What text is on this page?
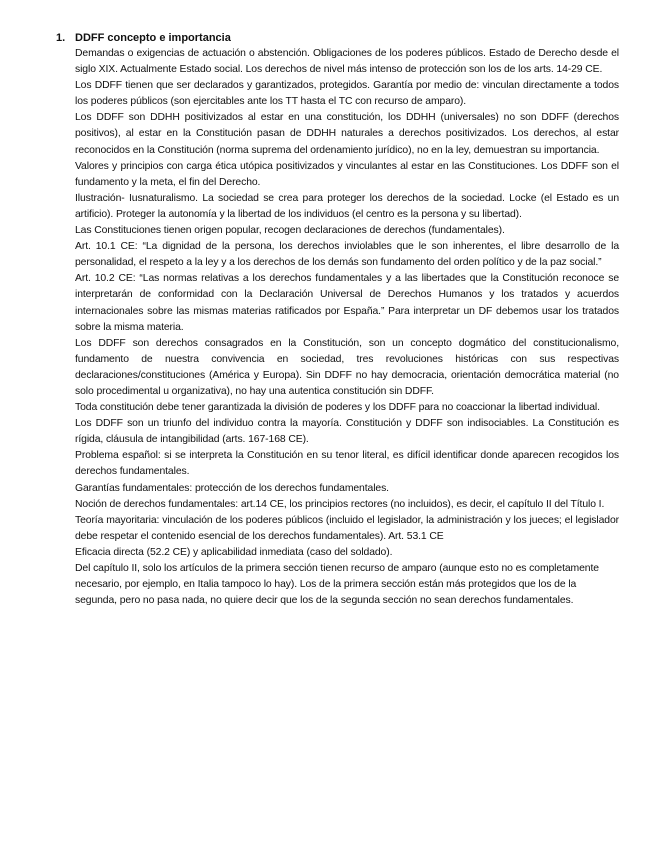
1. DDFF concepto e importancia

Demandas o exigencias de actuación o abstención. Obligaciones de los poderes públicos. Estado de Derecho desde el siglo XIX. Actualmente Estado social. Los derechos de nivel más intenso de protección son los de los arts. 14-29 CE.

Los DDFF tienen que ser declarados y garantizados, protegidos. Garantía por medio de: vinculan directamente a todos los poderes públicos (son ejercitables ante los TT hasta el TC con recurso de amparo).

Los DDFF son DDHH positivizados al estar en una constitución, los DDHH (universales) no son DDFF (derechos positivos), al estar en la Constitución pasan de DDHH naturales a derechos positivizados. Los derechos, al estar reconocidos en la Constitución (norma suprema del ordenamiento jurídico), no en la ley, demuestran su importancia.

Valores y principios con carga ética utópica positivizados y vinculantes al estar en las Constituciones. Los DDFF son el fundamento y la meta, el fin del Derecho.

Ilustración- Iusnaturalismo. La sociedad se crea para proteger los derechos de la sociedad. Locke (el Estado es un artificio). Proteger la autonomía y la libertad de los individuos (el centro es la persona y su libertad).

Las Constituciones tienen origen popular, recogen declaraciones de derechos (fundamentales).

Art. 10.1 CE: “La dignidad de la persona, los derechos inviolables que le son inherentes, el libre desarrollo de la personalidad, el respeto a la ley y a los derechos de los demás son fundamento del orden político y de la paz social.”

Art. 10.2 CE: “Las normas relativas a los derechos fundamentales y a las libertades que la Constitución reconoce se interpretarán de conformidad con la Declaración Universal de Derechos Humanos y los tratados y acuerdos internacionales sobre las mismas materias ratificados por España.” Para interpretar un DF debemos usar los tratados sobre la misma materia.

Los DDFF son derechos consagrados en la Constitución, son un concepto dogmático del constitucionalismo, fundamento de nuestra convivencia en sociedad, tres revoluciones históricas con sus respectivas declaraciones/constituciones (América y Europa). Sin DDFF no hay democracia, orientación democrática material (no solo procedimental u organizativa), no hay una autentica constitución sin DDFF.

Toda constitución debe tener garantizada la división de poderes y los DDFF para no coaccionar la libertad individual.

Los DDFF son un triunfo del individuo contra la mayoría. Constitución y DDFF son indisociables. La Constitución es rígida, cláusula de intangibilidad (arts. 167-168 CE).

Problema español: si se interpreta la Constitución en su tenor literal, es difícil identificar donde aparecen recogidos los derechos fundamentales.

Garantías fundamentales: protección de los derechos fundamentales.

Noción de derechos fundamentales: art.14 CE, los principios rectores (no incluidos), es decir, el capítulo II del Título I.

Teoría mayoritaria: vinculación de los poderes públicos (incluido el legislador, la administración y los jueces; el legislador debe respetar el contenido esencial de los derechos fundamentales). Art. 53.1 CE

Eficacia directa (52.2 CE) y aplicabilidad inmediata (caso del soldado).

Del capítulo II, solo los artículos de la primera sección tienen recurso de amparo (aunque esto no es completamente necesario, por ejemplo, en Italia tampoco lo hay). Los de la primera sección están más protegidos que los de la segunda, pero no pasa nada, no quiere decir que los de la segunda sección no sean derechos fundamentales.
